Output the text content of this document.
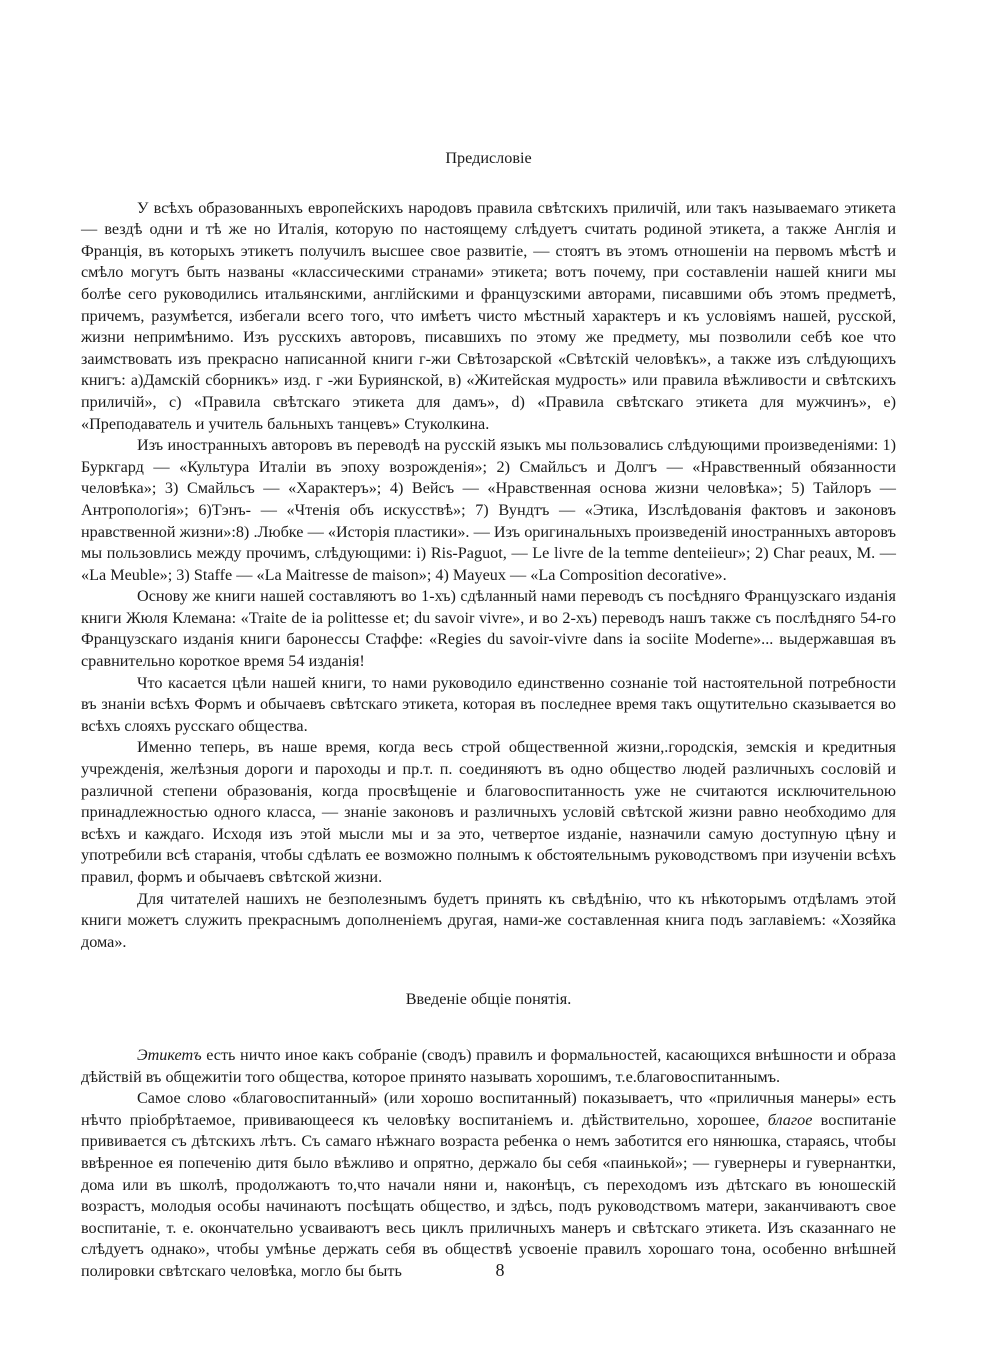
Предисловіе

У всѣхъ образованныхъ европейскихъ народовъ правила свѣтскихъ приличій, или такъ называемаго этикета — вездѣ одни и тѣ же но Италія, которую по настоящему слѣдуетъ считать родиной этикета, а также Англія и Францiя, въ которыхъ этикетъ получилъ высшее свое развитіе, — стоятъ въ этомъ отношеніи на первомъ мѣстѣ и смѣло могутъ быть названы «классическими странами» этикета; вотъ почему, при составленіи нашей книги мы болѣе сего руководились итальянскими, англійскими и французскими авторами, писавшими объ этомъ предметѣ, причемъ, разумѣется, избегали всего того, что имѣетъ чисто мѣстный характеръ и къ условіямъ нашей, русской, жизни непримѣнимо. Изъ русскихъ авторовъ, писавшихъ по этому же предмету, мы позволили себѣ кое что заимствовать изъ прекрасно написанной книги г-жи Свѣтозарской «Свѣтскій человѣкъ», а также изъ слѣдующихъ книгъ: а)Дамскій сборникъ» изд. г -жи Буриянской, в) «Житейская мудрость» или правила вѣжливости и свѣтскихъ приличій», с) «Правила свѣтскаго этикета для дамъ», d) «Правила свѣтскаго этикета для мужчинъ», е) «Преподаватель и учитель бальныхъ танцевъ» Стуколкина.

Изъ иностранныхъ авторовъ въ переводѣ на русскій языкъ мы пользовались слѣдующими произведеніями: 1) Буркгард — «Культура Италіи въ эпоху возрожденія»; 2) Смайльсъ и Долгъ — «Нравственный обязанности человѣка»; 3) Смайльсъ — «Характеръ»; 4) Вейсъ — «Нравственная основа жизни человѣка»; 5) Тайлоръ — Антропологія»; 6)Тэнъ- — «Чтенія объ искусствѣ»; 7) Вундтъ — «Этика, Изслѣдованія фактовъ и законовъ нравственной жизни»:8) .Любке — «Исторія пластики». — Изъ оригинальныхъ произведеній иностранныхъ авторовъ мы пользовлись между прочимъ, слѣдующими: і) Ris-Paguot, — Le livre de la temme denteiieur»; 2) Char peaux, M. — «La Meuble»; 3) Staffe — «La Maitresse de maison»; 4) Mayeux — «La Composition decorative».

Основу же книги нашей составляютъ во 1-хъ) сдѣланный нами переводъ съ посѣдняго Французскаго изданія книги Жюля Клемана: «Traite de ia polittesse et; du savoir vivre», и во 2-хъ) переводъ нашъ также съ послѣдняго 54-го Французскаго изданія книги баронессы Стаффе: «Regies du savoir-vivre dans ia sociite Moderne»... выдержавшая въ сравнительно короткое время 54 изданія!

Что касается цѣли нашей книги, то нами руководило единственно сознаніе той настоятельной потребности въ знаніи всѣхъ Формъ и обычаевъ свѣтскаго этикета, которая въ последнее время такъ ощутительно сказывается во всѣхъ слояхъ русскаго общества.

Именно теперь, въ наше время, когда весь строй общественной жизни,.городскія, земскія и кредитныя учрежденія, желѣзныя дороги и пароходы и пр.т. п. соединяютъ въ одно общество людей различныхъ сословій и различной степени образованія, когда просвѣщеніе и благовоспитанность уже не считаются исключительною принадлежностью одного класса, — знаніе законовъ и различныхъ условій свѣтской жизни равно необходимо для всѣхъ и каждаго. Исходя изъ этой мысли мы и за это, четвертое изданіе, назначили самую доступную цѣну и употребили всѣ старанія, чтобы сдѣлать ее возможно полнымъ к обстоятельнымъ руководствомъ при изученіи всѣхъ правил, формъ и обычаевъ свѣтской жизни.

Для читателей нашихъ не безполезнымъ будетъ принять къ свѣдѣнію, что къ нѣкоторымъ отдѣламъ этой книги можетъ служить прекраснымъ дополненіемъ другая, нами-же составленная книга подъ заглавіемъ: «Хозяйка дома».

Введеніе общіе понятія.

Этикетъ есть ничто иное какъ собраніе (сводъ) правилъ и формальностей, касающихся внѣшности и образа дѣйствій въ общежитіи того общества, которое принято называть хорошимъ, т.е.благовоспитаннымъ.

Самое слово «благовоспитанный» (или хорошо воспитанный) показываетъ, что «приличныя манеры» есть нѣчто пріобрѣтаемое, прививающееся къ человѣку воспитаніемъ и. дѣйствительно, хорошее, благое воспитаніе прививается съ дѣтскихъ лѣтъ. Съ самаго нѣжнаго возраста ребенка о немъ заботится его нянюшка, стараясь, чтобы ввѣренное ея попеченію дитя было вѣжливо и опрятно, держало бы себя «паинькой»; — гувернеры и гувернантки, дома или въ школѣ, продолжаютъ то,что начали няни и, наконѣцъ, съ переходомъ изъ дѣтскаго въ юношескій возрастъ, молодыя особы начинаютъ посѣщать общество, и здѣсь, подъ руководствомъ матери, заканчиваютъ свое воспитаніе, т. е. окончательно усваиваютъ весь циклъ приличныхъ манеръ и свѣтскаго этикета. Изъ сказаннаго не слѣдуетъ однако», чтобы умѣнье держать себя въ обществѣ усвоеніе правилъ хорошаго тона, особенно внѣшней полировки свѣтскаго человѣка, могло бы быть	8
